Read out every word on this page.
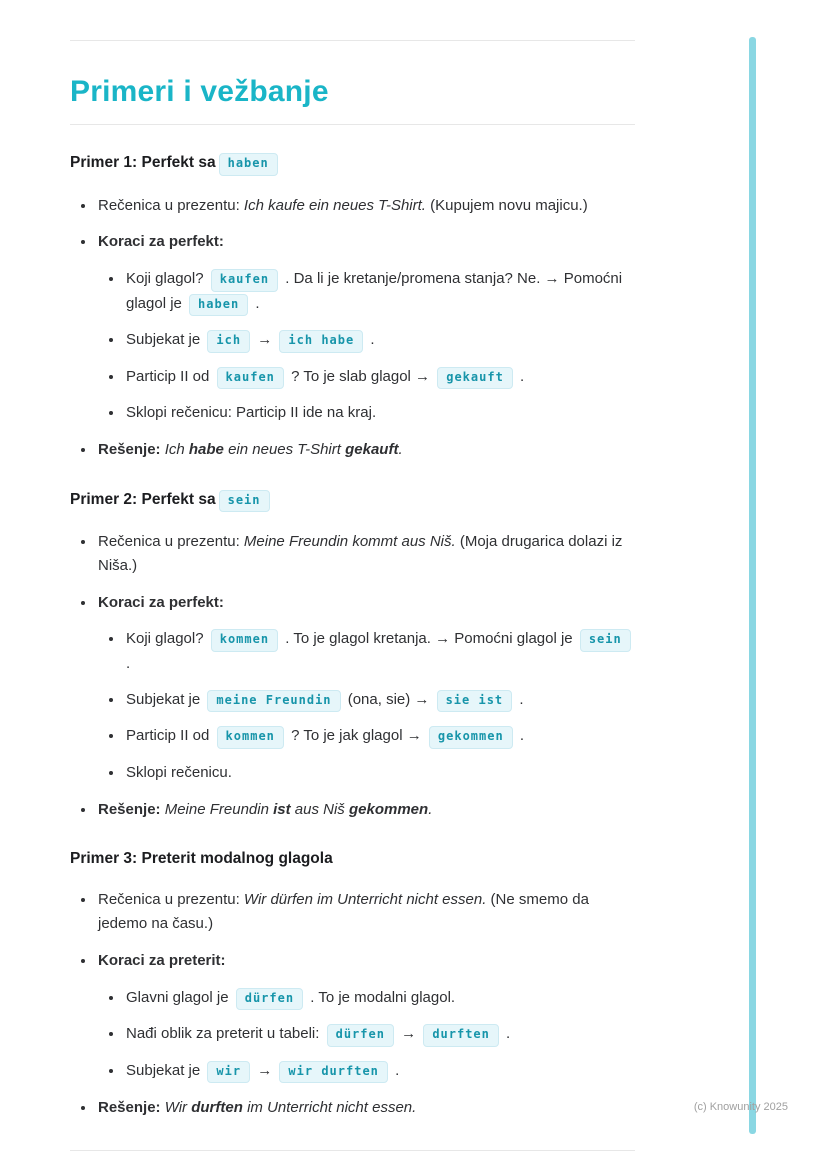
Primeri i vežbanje
Primer 1: Perfekt sa haben
• Rečenica u prezentu: Ich kaufe ein neues T-Shirt. (Kupujem novu majicu.)
• Koraci za perfekt:
• Koji glagol? kaufen . Da li je kretanje/promena stanja? Ne. → Pomoćni glagol je haben .
• Subjekat je ich → ich habe .
• Particip II od kaufen ? To je slab glagol → gekauft .
• Sklopi rečenicu: Particip II ide na kraj.
• Rešenje: Ich habe ein neues T-Shirt gekauft.
Primer 2: Perfekt sa sein
• Rečenica u prezentu: Meine Freundin kommt aus Niš. (Moja drugarica dolazi iz Niša.)
• Koraci za perfekt:
• Koji glagol? kommen . To je glagol kretanja. → Pomoćni glagol je sein .
• Subjekat je meine Freundin (ona, sie) → sie ist .
• Particip II od kommen ? To je jak glagol → gekommen .
• Sklopi rečenicu.
• Rešenje: Meine Freundin ist aus Niš gekommen.
Primer 3: Preterit modalnog glagola
• Rečenica u prezentu: Wir dürfen im Unterricht nicht essen. (Ne smemo da jedemo na času.)
• Koraci za preterit:
• Glavni glagol je dürfen . To je modalni glagol.
• Nađi oblik za preterit u tabeli: dürfen → durften .
• Subjekat je wir → wir durften .
• Rešenje: Wir durften im Unterricht nicht essen.	(c) Knowunity 2025
